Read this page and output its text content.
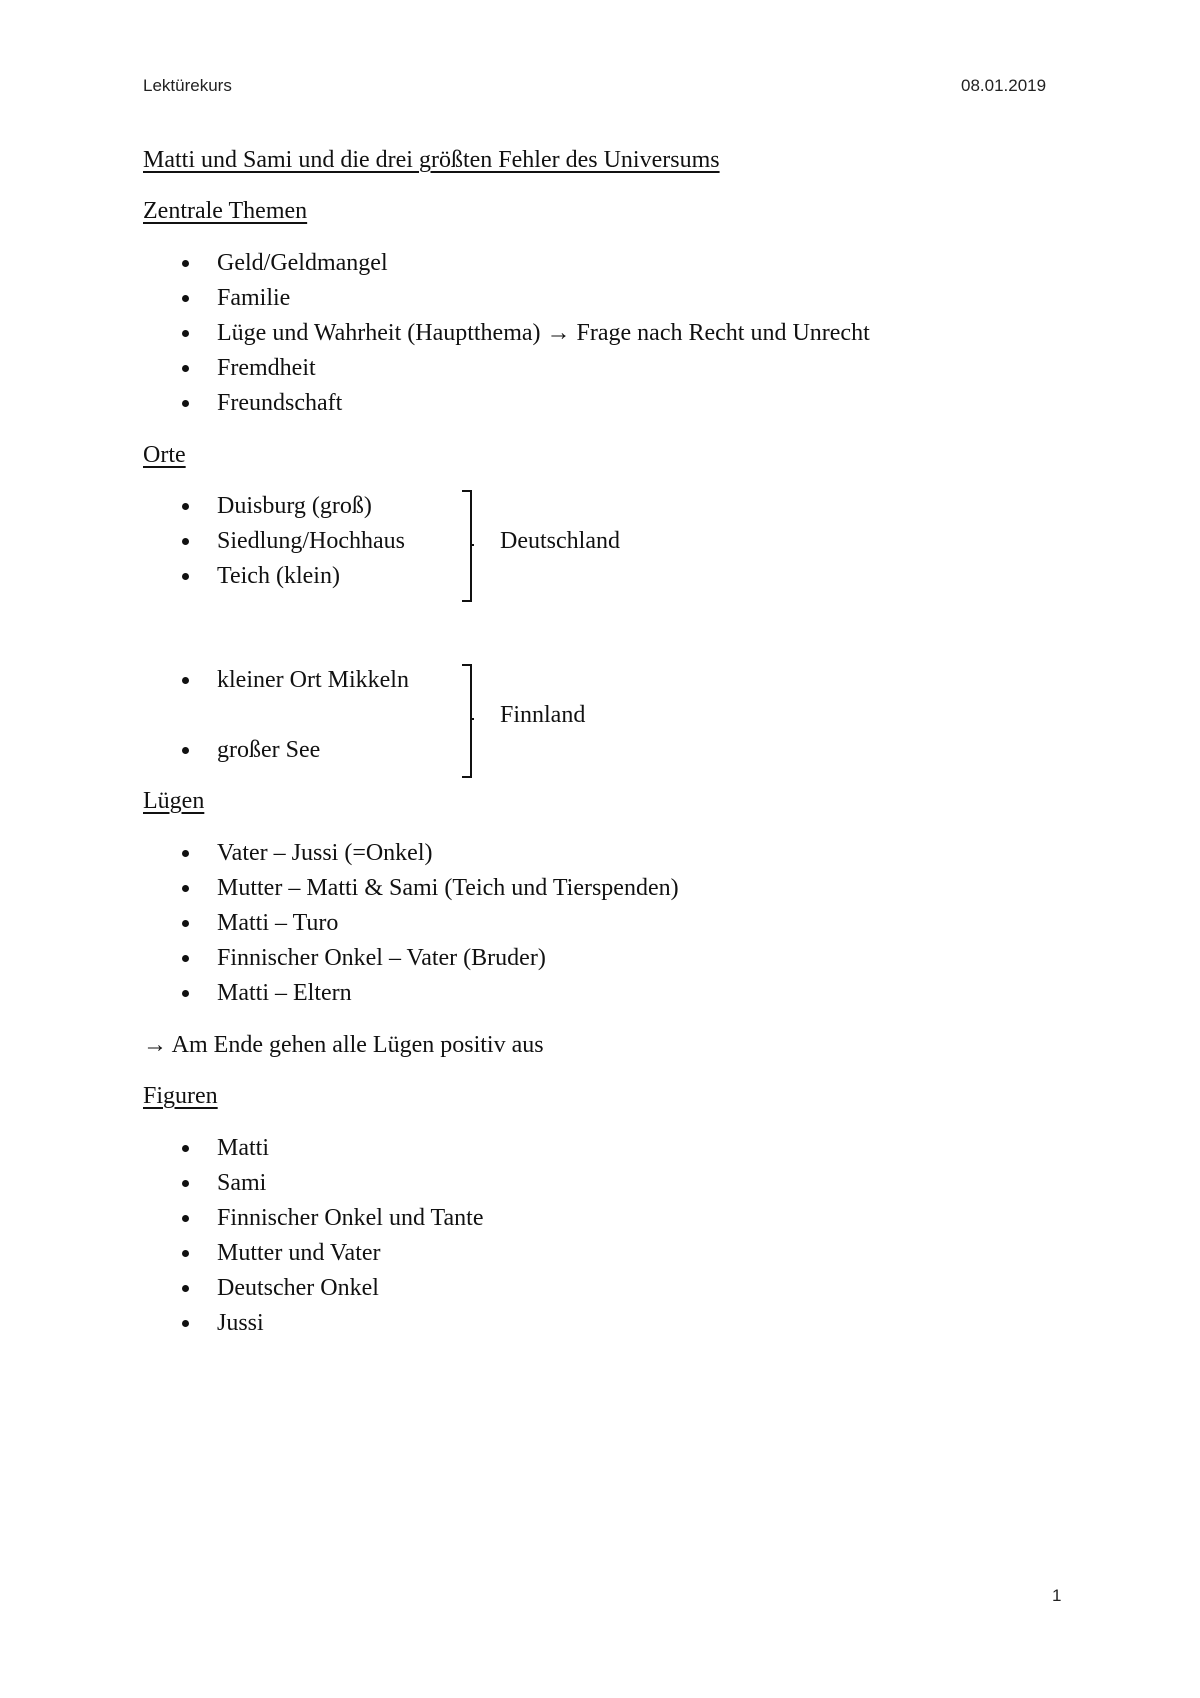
Lektürekurs	08.01.2019
Matti und Sami und die drei größten Fehler des Universums
Zentrale Themen
Geld/Geldmangel
Familie
Lüge und Wahrheit (Hauptthema) → Frage nach Recht und Unrecht
Fremdheit
Freundschaft
Orte
Duisburg (groß)
Siedlung/Hochhaus
Teich (klein)
Deutschland
kleiner Ort Mikkeln
großer See
Finnland
Lügen
Vater – Jussi (=Onkel)
Mutter – Matti & Sami (Teich und Tierspenden)
Matti – Turo
Finnischer Onkel – Vater (Bruder)
Matti – Eltern
→ Am Ende gehen alle Lügen positiv aus
Figuren
Matti
Sami
Finnischer Onkel und Tante
Mutter und Vater
Deutscher Onkel
Jussi
1
